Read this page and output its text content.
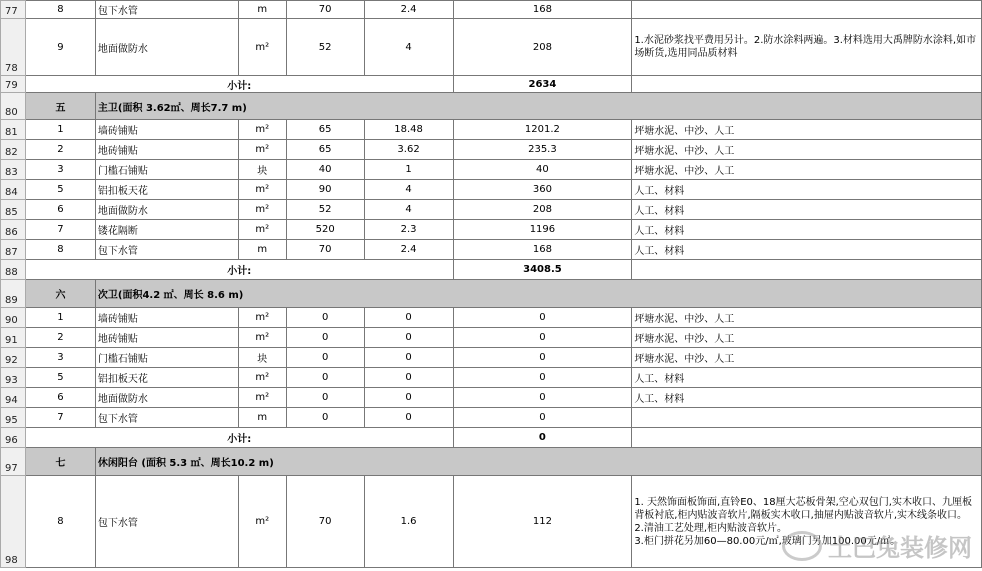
77	8	包下水管	m	70	2.4	168	
78	9	地面做防水	m²	52	4	208	1.水泥砂浆找平费用另计。2.防水涂料两遍。3.材料选用大禹牌防水涂料,如市场断货,选用同品质材料
79	小计:					2634	
80	五	主卫(面积 3.62㎡、周长7.7 m)					
81	1	墙砖铺贴	m²	65	18.48	1201.2	坪塘水泥、中沙、人工
82	2	地砖铺贴	m²	65	3.62	235.3	坪塘水泥、中沙、人工
83	3	门槛石铺贴	块	40	1	40	坪塘水泥、中沙、人工
84	5	铝扣板天花	m²	90	4	360	人工、材料
85	6	地面做防水	m²	52	4	208	人工、材料
86	7	镂花隔断	m²	520	2.3	1196	人工、材料
87	8	包下水管	m	70	2.4	168	人工、材料
88	小计:					3408.5	
89	六	次卫(面积4.2 ㎡、周长 8.6 m)					
90	1	墙砖铺贴	m²	0	0	0	坪塘水泥、中沙、人工
91	2	地砖铺贴	m²	0	0	0	坪塘水泥、中沙、人工
92	3	门槛石铺贴	块	0	0	0	坪塘水泥、中沙、人工
93	5	铝扣板天花	m²	0	0	0	人工、材料
94	6	地面做防水	m²	0	0	0	人工、材料
95	7	包下水管	m	0	0	0	
96	小计:					0	
97	七	休闲阳台 (面积 5.3 ㎡、周长10.2 m)					
98	8	包下水管	m²	70	1.6	112	1. 天然饰面板饰面,直铃E0、18厘大芯板骨架,空心双包门,实木收口、九厘板背板衬底,柜内贴波音软片,隔板实木收口,抽屉内贴波音软片,实木线条收口。
2.清油工艺处理,柜内贴波音软片。
3.柜门拼花另加60—80.00元/㎡,玻璃门另加100.00元/㎡。
土巴兔装修网
